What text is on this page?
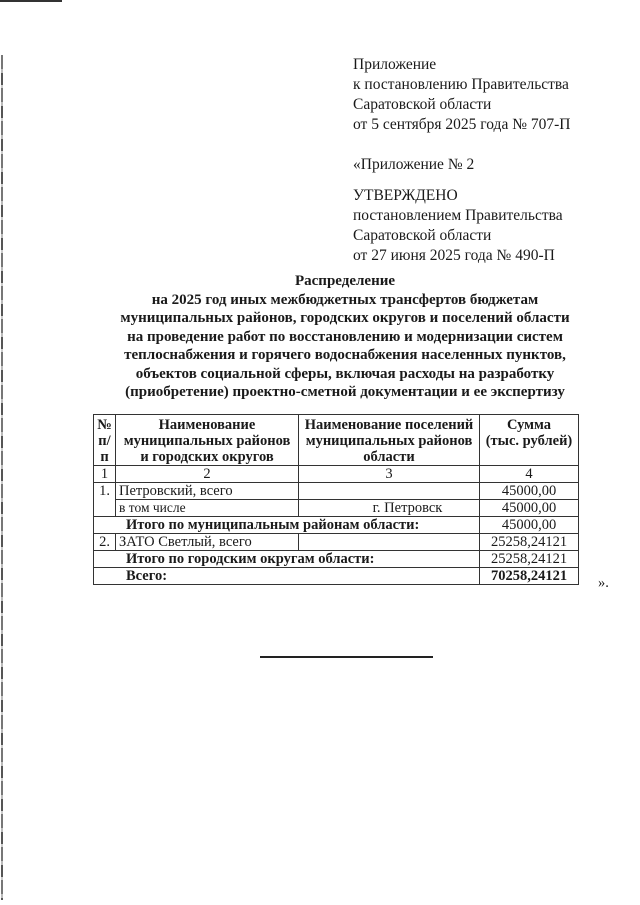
Приложение
к постановлению Правительства
Саратовской области
от 5 сентября 2025 года № 707-П
«Приложение № 2
УТВЕРЖДЕНО
постановлением Правительства
Саратовской области
от 27 июня 2025 года № 490-П
Распределение
на 2025 год иных межбюджетных трансфертов бюджетам
муниципальных районов, городских округов и поселений области
на проведение работ по восстановлению и модернизации систем
теплоснабжения и горячего водоснабжения населенных пунктов,
объектов социальной сферы, включая расходы на разработку
(приобретение) проектно-сметной документации и ее экспертизу
№
п/п

Наименование
муниципальных районов
и городских округов

Наименование поселений
муниципальных районов
области

Сумма
(тыс. рублей)

1	2	3	4
1.	Петровский, всего		45000,00
	в том числе	г. Петровск	45000,00
Итого по муниципальным районам области:			45000,00
2.	ЗАТО Светлый, всего		25258,24121
Итого по городским округам области:			25258,24121
Всего:			70258,24121 ».
